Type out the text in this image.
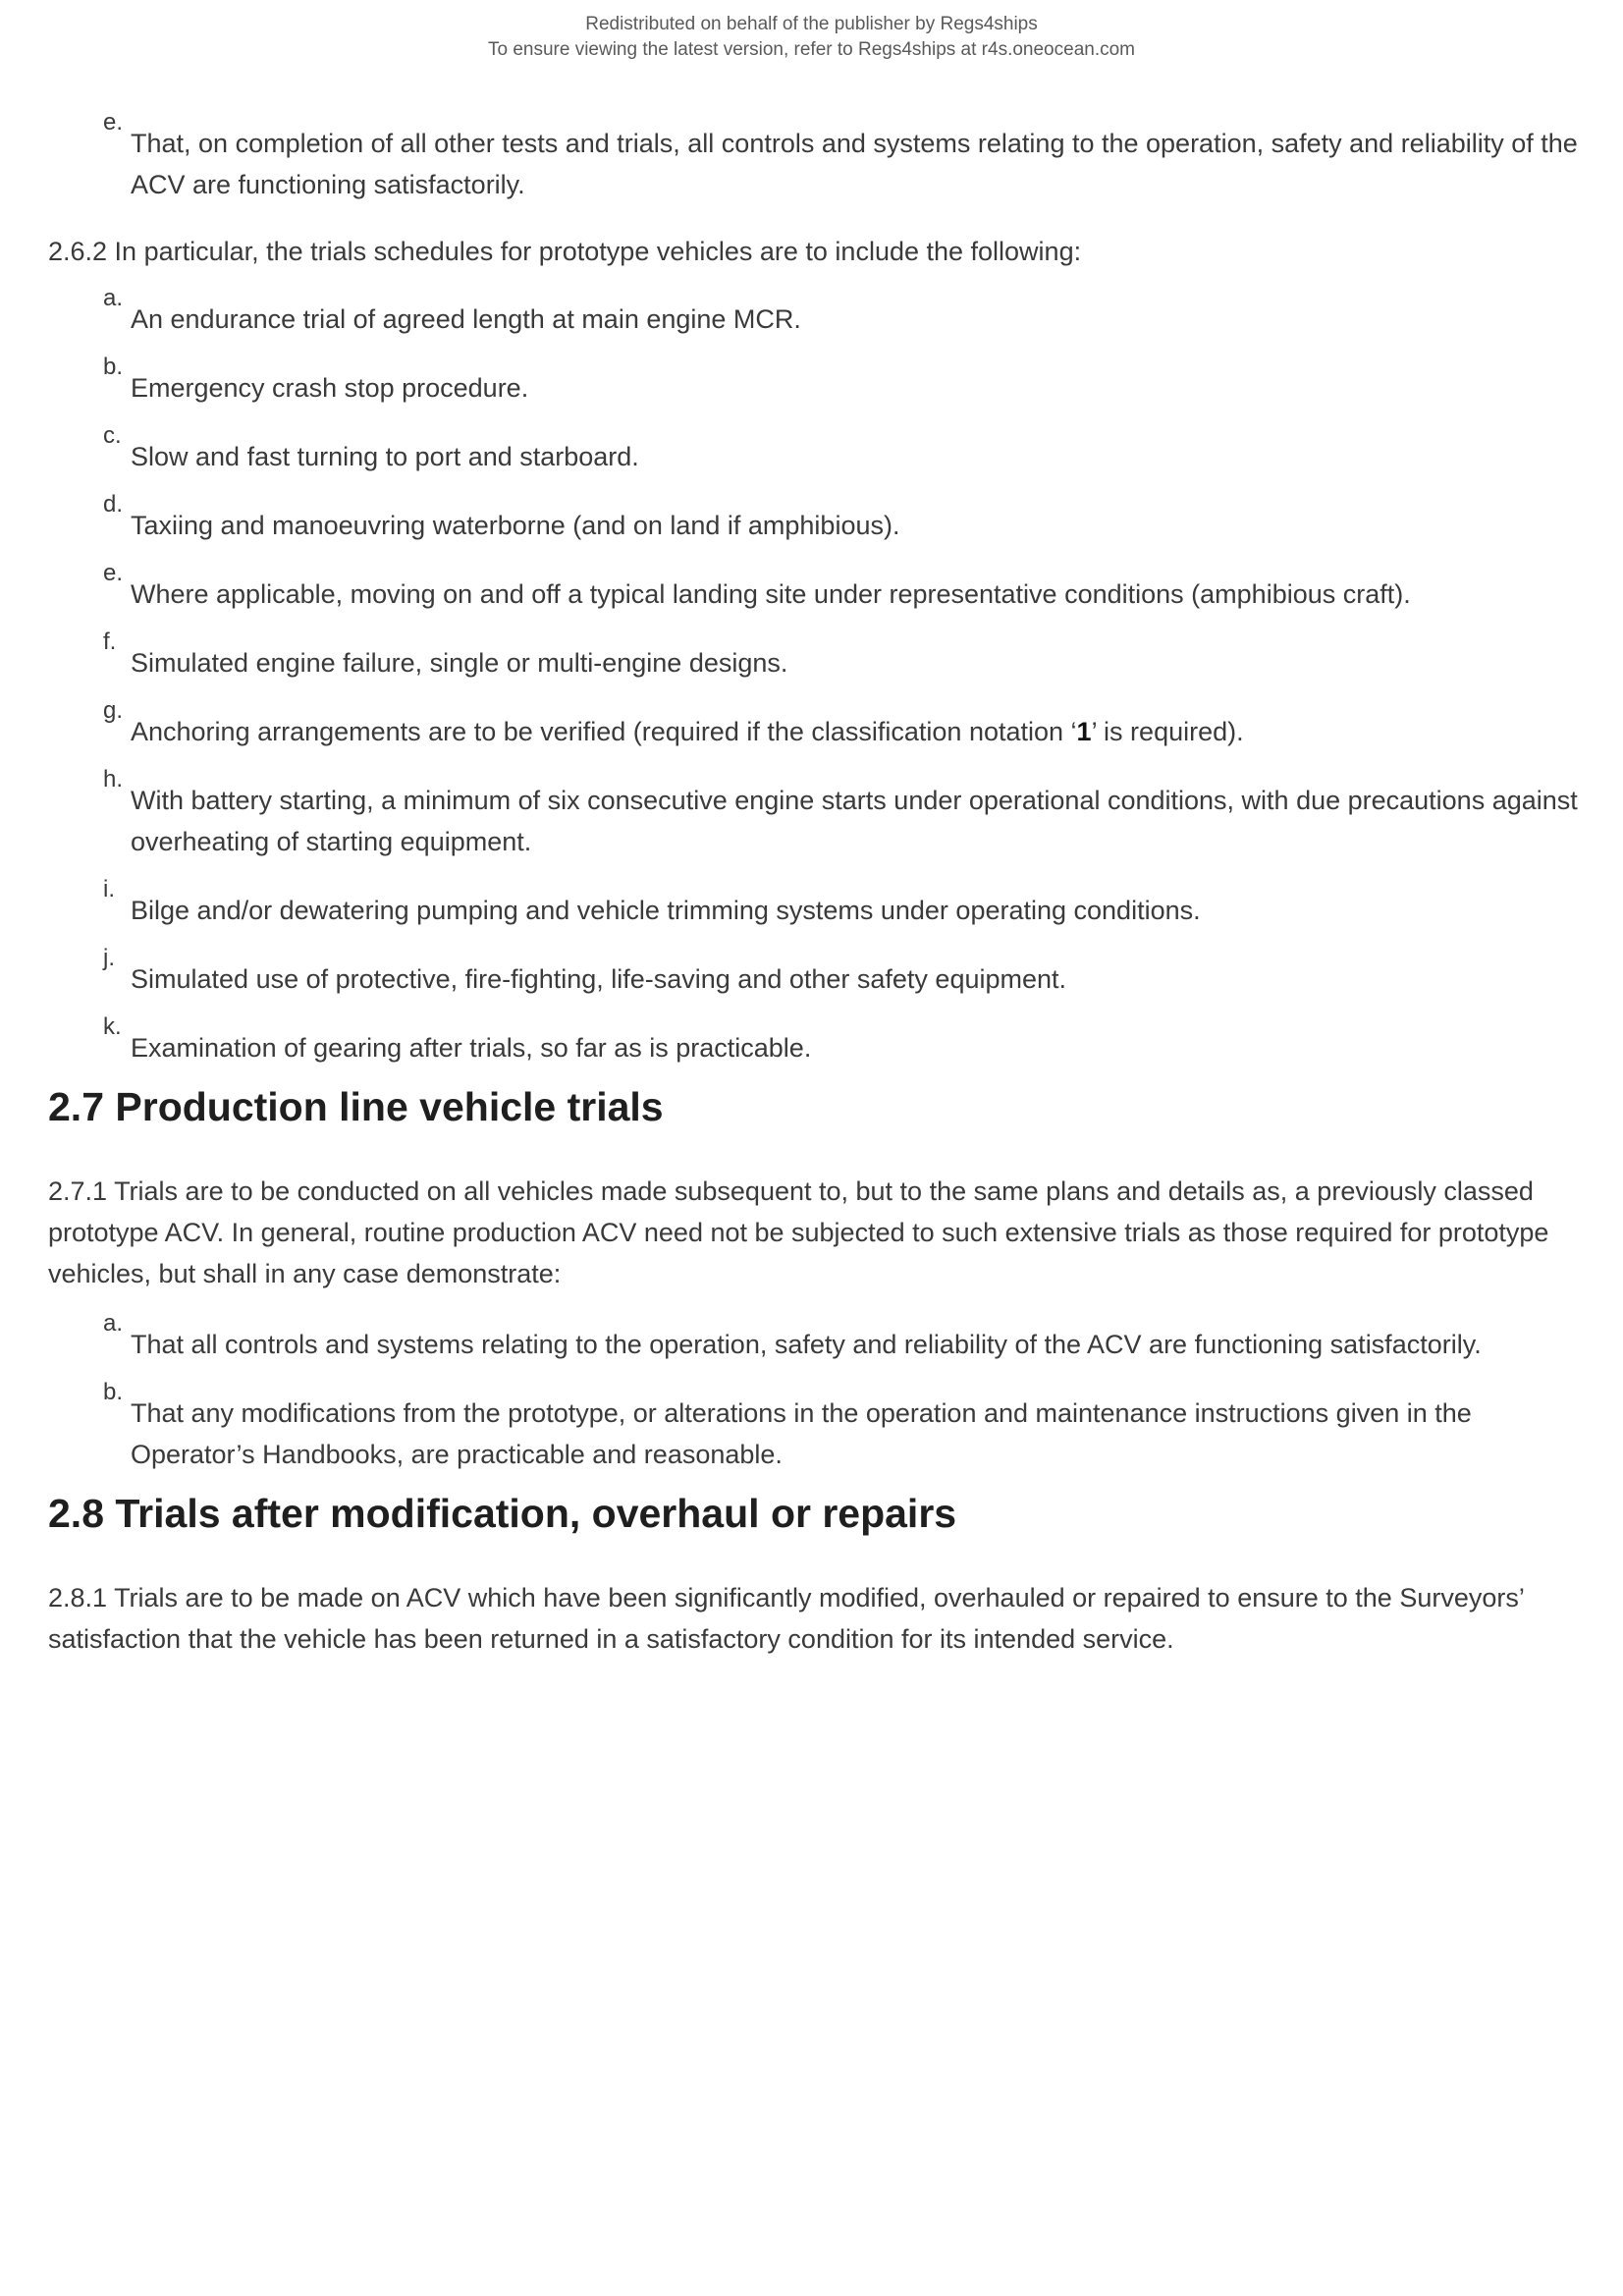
Redistributed on behalf of the publisher by Regs4ships
To ensure viewing the latest version, refer to Regs4ships at r4s.oneocean.com
e.
That, on completion of all other tests and trials, all controls and systems relating to the operation, safety and reliability of the ACV are functioning satisfactorily.
2.6.2 In particular, the trials schedules for prototype vehicles are to include the following:
a.
An endurance trial of agreed length at main engine MCR.
b.
Emergency crash stop procedure.
c.
Slow and fast turning to port and starboard.
d.
Taxiing and manoeuvring waterborne (and on land if amphibious).
e.
Where applicable, moving on and off a typical landing site under representative conditions (amphibious craft).
f.
Simulated engine failure, single or multi-engine designs.
g.
Anchoring arrangements are to be verified (required if the classification notation ‘1’ is required).
h.
With battery starting, a minimum of six consecutive engine starts under operational conditions, with due precautions against overheating of starting equipment.
i.
Bilge and/or dewatering pumping and vehicle trimming systems under operating conditions.
j.
Simulated use of protective, fire-fighting, life-saving and other safety equipment.
k.
Examination of gearing after trials, so far as is practicable.
2.7 Production line vehicle trials
2.7.1 Trials are to be conducted on all vehicles made subsequent to, but to the same plans and details as, a previously classed prototype ACV. In general, routine production ACV need not be subjected to such extensive trials as those required for prototype vehicles, but shall in any case demonstrate:
a.
That all controls and systems relating to the operation, safety and reliability of the ACV are functioning satisfactorily.
b.
That any modifications from the prototype, or alterations in the operation and maintenance instructions given in the Operator’s Handbooks, are practicable and reasonable.
2.8 Trials after modification, overhaul or repairs
2.8.1 Trials are to be made on ACV which have been significantly modified, overhauled or repaired to ensure to the Surveyors’ satisfaction that the vehicle has been returned in a satisfactory condition for its intended service.
